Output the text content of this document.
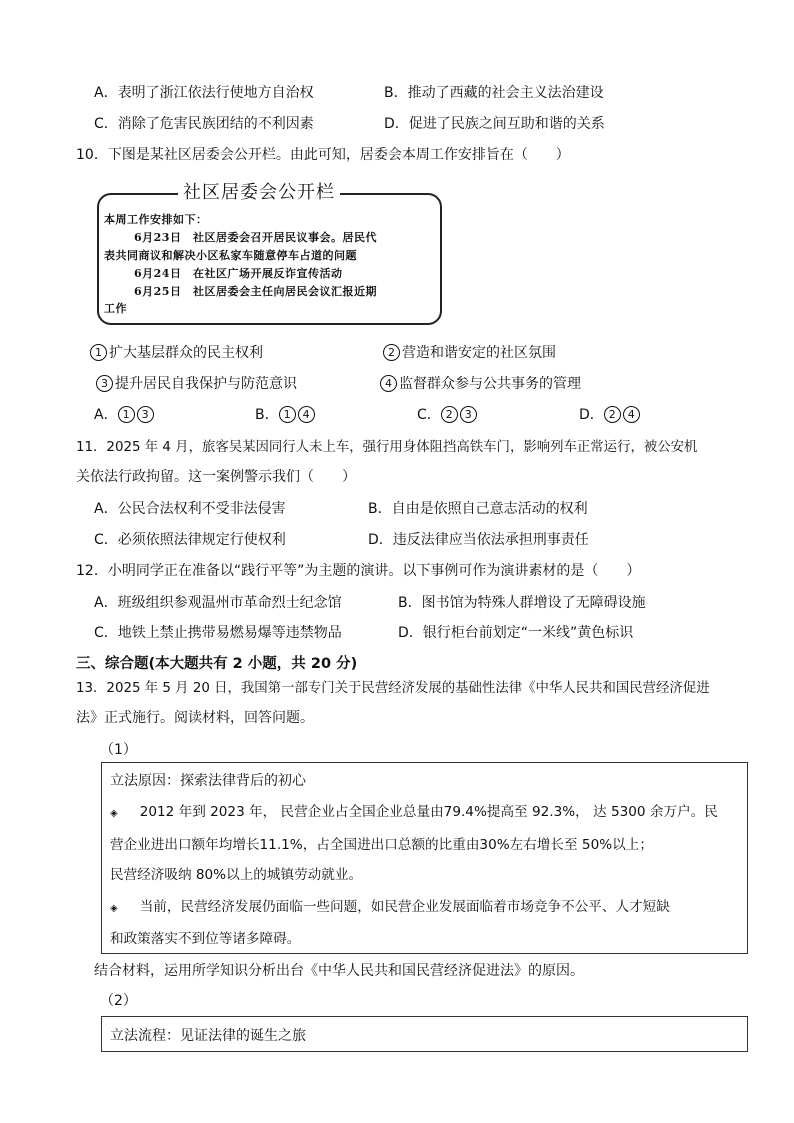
A．表明了浙江依法行使地方自治权	B．推动了西藏的社会主义法治建设
C．消除了危害民族团结的不利因素	D．促进了民族之间互助和谐的关系
10．下图是某社区居委会公开栏。由此可知，居委会本周工作安排旨在（　　）
社区居委会公开栏
本周工作安排如下：
6月23日　社区居委会召开居民议事会。居民代
表共同商议和解决小区私家车随意停车占道的问题
6月24日　在社区广场开展反诈宣传活动
6月25日　社区居委会主任向居民会议汇报近期
工作
1 扩大基层群众的民主权利	2 营造和谐安定的社区氛围
3 提升居民自我保护与防范意识	4 监督群众参与公共事务的管理
A． 1 3	B． 1 4	C． 2 3	D． 2 4
11．2025 年 4 月，旅客吴某因同行人未上车，强行用身体阻挡高铁车门，影响列车正常运行，被公安机
关依法行政拘留。这一案例警示我们（　　）
A．公民合法权利不受非法侵害	B．自由是依照自己意志活动的权利
C．必须依照法律规定行使权利	D．违反法律应当依法承担刑事责任
12．小明同学正在准备以“践行平等”为主题的演讲。以下事例可作为演讲素材的是（　　）
A．班级组织参观温州市革命烈士纪念馆	B．图书馆为特殊人群增设了无障碍设施
C．地铁上禁止携带易燃易爆等违禁物品	D．银行柜台前划定“一米线”黄色标识
三、综合题(本大题共有 2 小题，共 20 分)
13．2025 年 5 月 20 日，我国第一部专门关于民营经济发展的基础性法律《中华人民共和国民营经济促进
法》正式施行。阅读材料，回答问题。
（1）
立法原因：探索法律背后的初心
◈ 2012 年到 2023 年， 民营企业占全国企业总量由79.4%提高至 92.3%， 达 5300 余万户。民
营企业进出口额年均增长11.1%，占全国进出口总额的比重由30%左右增长至 50%以上；
民营经济吸纳 80%以上的城镇劳动就业。
◈ 当前，民营经济发展仍面临一些问题，如民营企业发展面临着市场竞争不公平、人才短缺
和政策落实不到位等诸多障碍。
结合材料，运用所学知识分析出台《中华人民共和国民营经济促进法》的原因。
（2）
立法流程：见证法律的诞生之旅
